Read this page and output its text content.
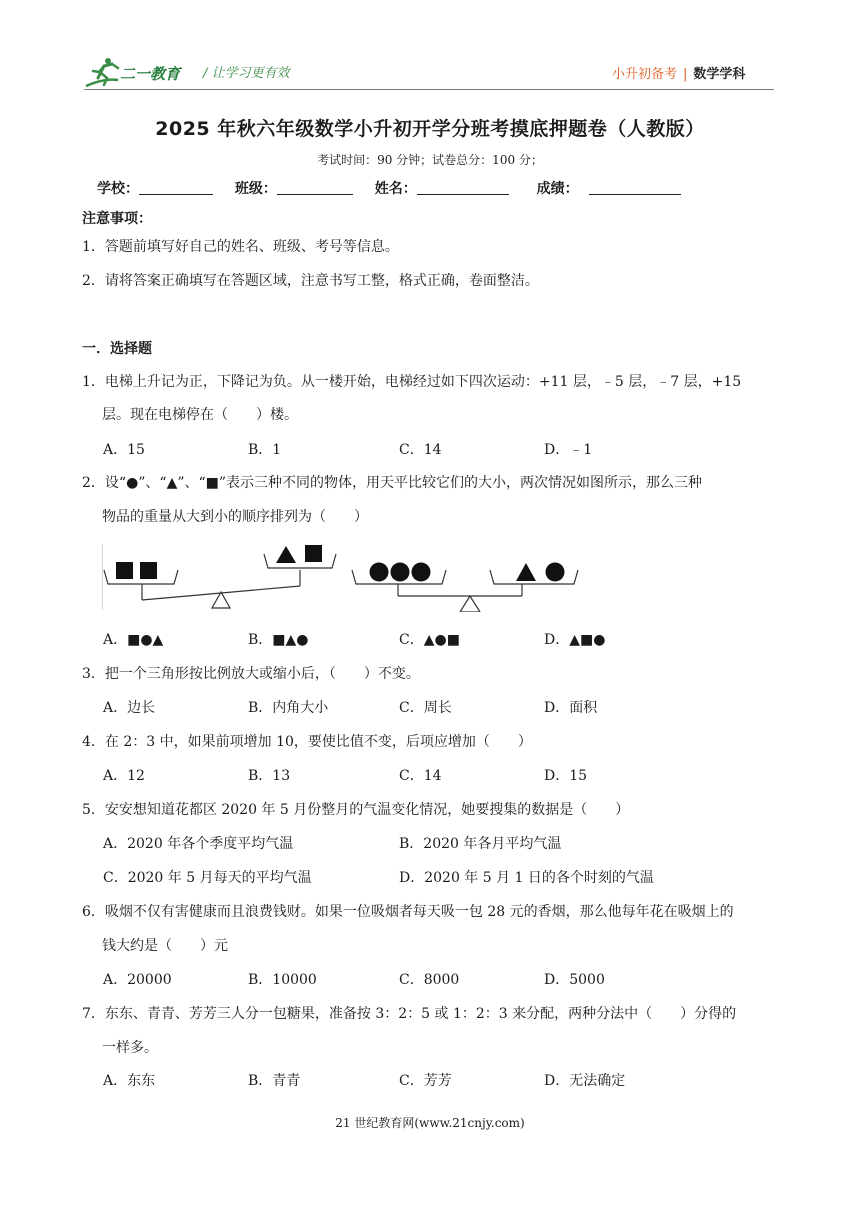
二一教育 / 让学习更有效	小升初备考 | 数学学科
2025 年秋六年级数学小升初开学分班考摸底押题卷（人教版）
考试时间：90 分钟；试卷总分：100 分；
学校：	班级：	姓名：	成绩：
注意事项：
1．答题前填写好自己的姓名、班级、考号等信息。
2．请将答案正确填写在答题区域，注意书写工整，格式正确，卷面整洁。
一．选择题
1．电梯上升记为正，下降记为负。从一楼开始，电梯经过如下四次运动：+11 层，﹣5 层，﹣7 层，+15
层。现在电梯停在（　　）楼。
A．15	B．1	C．14	D．﹣1
2．设“●”、“▲”、“■”表示三种不同的物体，用天平比较它们的大小，两次情况如图所示，那么三种
物品的重量从大到小的顺序排列为（　　）
A．■●▲	B．■▲●	C．▲●■	D．▲■●
3．把一个三角形按比例放大或缩小后，（　　）不变。
A．边长	B．内角大小	C．周长	D．面积
4．在 2：3 中，如果前项增加 10，要使比值不变，后项应增加（　　）
A．12	B．13	C．14	D．15
5．安安想知道花都区 2020 年 5 月份整月的气温变化情况，她要搜集的数据是（　　）
A．2020 年各个季度平均气温	B．2020 年各月平均气温
C．2020 年 5 月每天的平均气温	D．2020 年 5 月 1 日的各个时刻的气温
6．吸烟不仅有害健康而且浪费钱财。如果一位吸烟者每天吸一包 28 元的香烟，那么他每年花在吸烟上的
钱大约是（　　）元
A．20000	B．10000	C．8000	D．5000
7．东东、青青、芳芳三人分一包糖果，准备按 3：2：5 或 1：2：3 来分配，两种分法中（　　）分得的
一样多。
A．东东	B．青青	C．芳芳	D．无法确定
21 世纪教育网(www.21cnjy.com)
